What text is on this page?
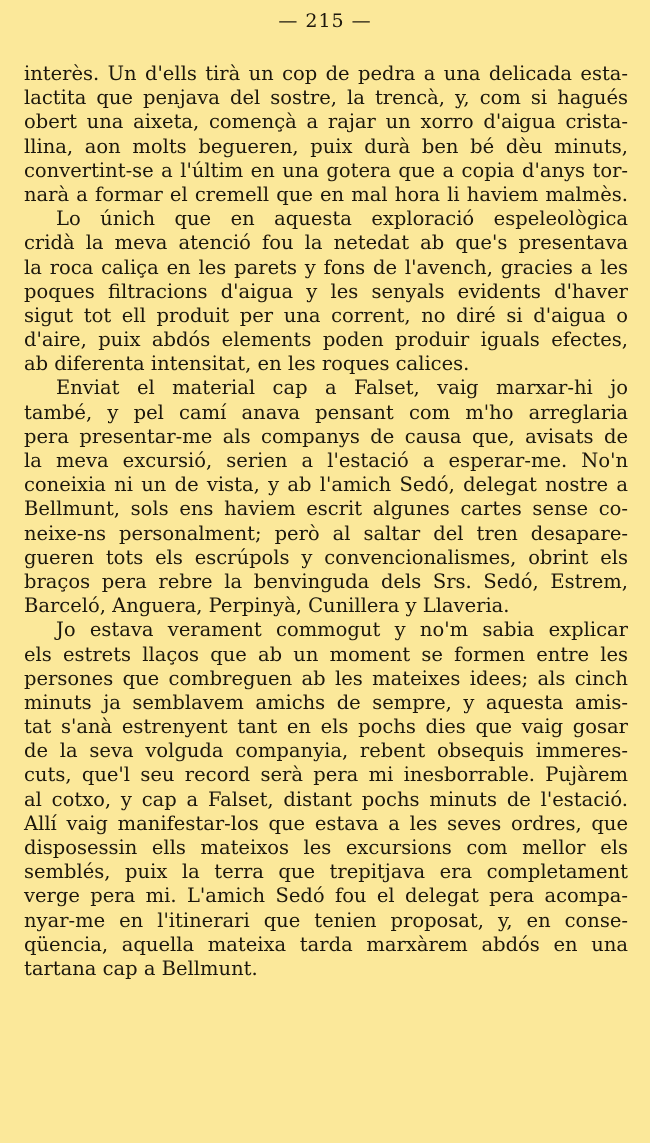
— 215 —
interès. Un d'ells tirà un cop de pedra a una delicada esta-
lactita que penjava del sostre, la trencà, y, com si hagués
obert una aixeta, començà a rajar un xorro d'aigua crista-
llina, aon molts begueren, puix durà ben bé dèu minuts,
convertint-se a l'últim en una gotera que a copia d'anys tor-
narà a formar el cremell que en mal hora li haviem malmès.
Lo únich que en aquesta exploració espeleològica
cridà la meva atenció fou la netedat ab que's presentava
la roca caliça en les parets y fons de l'avench, gracies a les
poques filtracions d'aigua y les senyals evidents d'haver
sigut tot ell produit per una corrent, no diré si d'aigua o
d'aire, puix abdós elements poden produir iguals efectes,
ab diferenta intensitat, en les roques calices.
Enviat el material cap a Falset, vaig marxar-hi jo
també, y pel camí anava pensant com m'ho arreglaria
pera presentar-me als companys de causa que, avisats de
la meva excursió, serien a l'estació a esperar-me. No'n
coneixia ni un de vista, y ab l'amich Sedó, delegat nostre a
Bellmunt, sols ens haviem escrit algunes cartes sense co-
neixe-ns personalment; però al saltar del tren desapare-
gueren tots els escrúpols y convencionalismes, obrint els
braços pera rebre la benvinguda dels Srs. Sedó, Estrem,
Barceló, Anguera, Perpinyà, Cunillera y Llaveria.
Jo estava verament commogut y no'm sabia explicar
els estrets llaços que ab un moment se formen entre les
persones que combreguen ab les mateixes idees; als cinch
minuts ja semblavem amichs de sempre, y aquesta amis-
tat s'anà estrenyent tant en els pochs dies que vaig gosar
de la seva volguda companyia, rebent obsequis immeres-
cuts, que'l seu record serà pera mi inesborrable. Pujàrem
al cotxo, y cap a Falset, distant pochs minuts de l'estació.
Allí vaig manifestar-los que estava a les seves ordres, que
disposessin ells mateixos les excursions com mellor els
semblés, puix la terra que trepitjava era completament
verge pera mi. L'amich Sedó fou el delegat pera acompa-
nyar-me en l'itinerari que tenien proposat, y, en conse-
qüencia, aquella mateixa tarda marxàrem abdós en una
tartana cap a Bellmunt.
